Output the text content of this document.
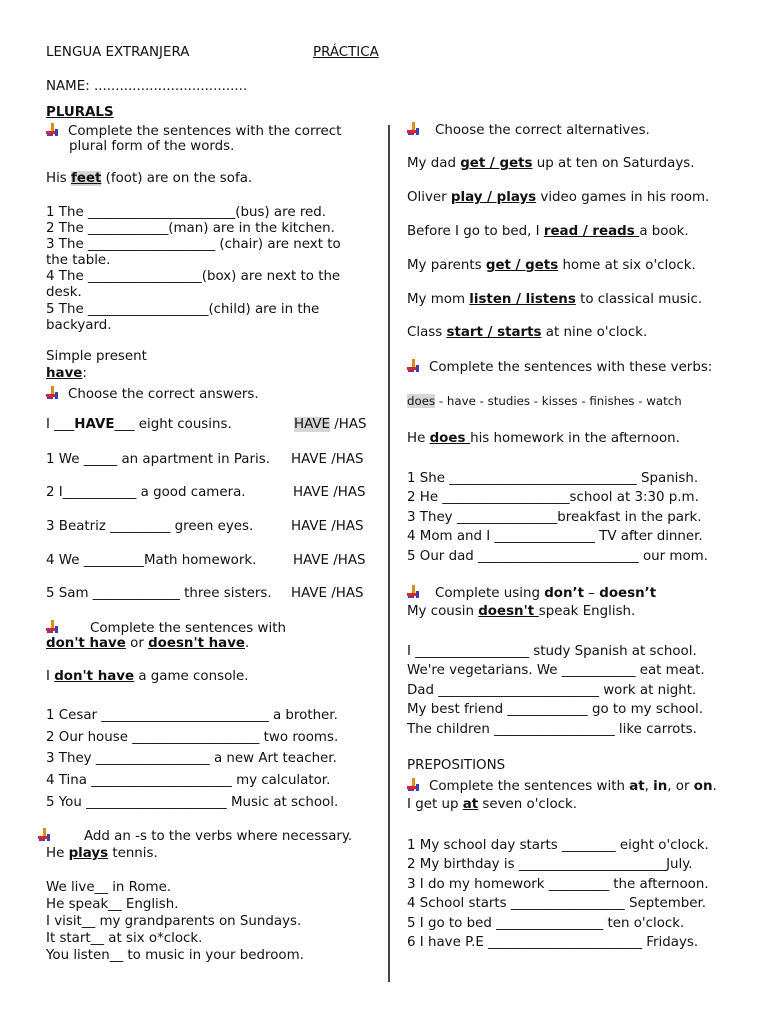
LENGUA EXTRANJERA	PRÁCTICA
NAME: ....................................
PLURALS
Complete the sentences with the correct
plural form of the words.
His feet (foot) are on the sofa.
1 The ______________________(bus) are red.
2 The ____________(man) are in the kitchen.
3 The ___________________ (chair) are next to
the table.
4 The _________________(box) are next to the
desk.
5 The __________________(child) are in the
backyard.
Simple present
have:
Choose the correct answers.
I ___HAVE___ eight cousins.	HAVE /HAS
1 We _____ an apartment in Paris. HAVE /HAS
2 I___________ a good camera.	HAVE /HAS
3 Beatriz _________ green eyes.	HAVE /HAS
4 We _________Math homework.	HAVE /HAS
5 Sam _____________ three sisters. HAVE /HAS
Complete the sentences with
don't have or doesn't have.
I don't have a game console.
1 Cesar _________________________ a brother.
2 Our house ___________________ two rooms.
3 They _________________ a new Art teacher.
4 Tina _____________________ my calculator.
5 You _____________________ Music at school.
Add an -s to the verbs where necessary.
He plays tennis.
We live__ in Rome.
He speak__ English.
I visit__ my grandparents on Sundays.
It start__ at six o*clock.
You listen__ to music in your bedroom.
Choose the correct alternatives.
My dad get / gets up at ten on Saturdays.
Oliver play / plays video games in his room.
Before I go to bed, I read / reads a book.
My parents get / gets home at six o'clock.
My mom listen / listens to classical music.
Class start / starts at nine o'clock.
Complete the sentences with these verbs:
does - have - studies - kisses - finishes - watch
He does his homework in the afternoon.
1 She ____________________________ Spanish.
2 He ___________________school at 3:30 p.m.
3 They _______________breakfast in the park.
4 Mom and I _______________ TV after dinner.
5 Our dad ________________________ our mom.
Complete using don’t – doesn’t
My cousin doesn't speak English.
I _________________ study Spanish at school.
We're vegetarians. We ___________ eat meat.
Dad ________________________ work at night.
My best friend ____________ go to my school.
The children __________________ like carrots.
PREPOSITIONS
Complete the sentences with at, in, or on.
I get up at seven o'clock.
1 My school day starts ________ eight o'clock.
2 My birthday is ______________________July.
3 I do my homework _________ the afternoon.
4 School starts _________________ September.
5 I go to bed ________________ ten o'clock.
6 I have P.E _______________________ Fridays.
